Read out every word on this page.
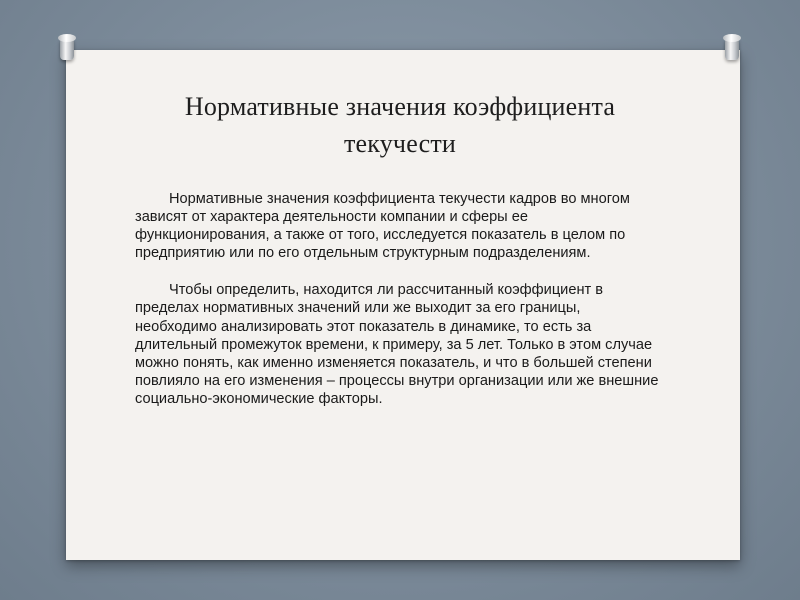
Нормативные значения коэффициента
текучести

Нормативные значения коэффициента текучести кадров во многом зависят от характера деятельности компании и сферы ее функционирования, а также от того, исследуется показатель в целом по предприятию или по его отдельным структурным подразделениям.

Чтобы определить, находится ли рассчитанный коэффициент в пределах нормативных значений или же выходит за его границы, необходимо анализировать этот показатель в динамике, то есть за длительный промежуток времени, к примеру, за 5 лет. Только в этом случае можно понять, как именно изменяется показатель, и что в большей степени повлияло на его изменения – процессы внутри организации или же внешние социально-экономические факторы.
